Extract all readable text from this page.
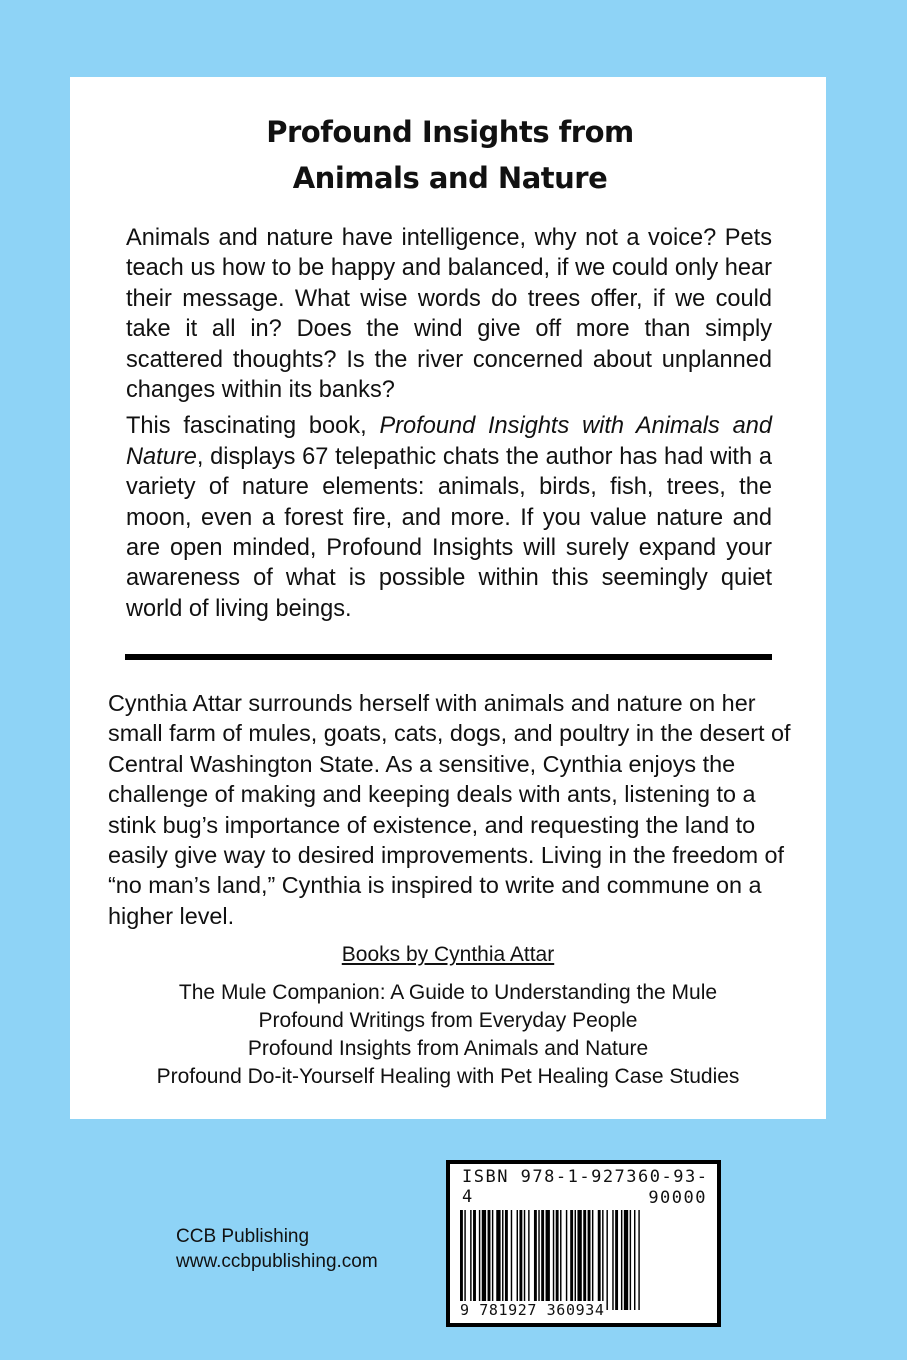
Profound Insights from
Animals and Nature

Animals and nature have intelligence, why not a voice? Pets teach us how to be happy and balanced, if we could only hear their message. What wise words do trees offer, if we could take it all in? Does the wind give off more than simply scattered thoughts? Is the river concerned about unplanned changes within its banks?

This fascinating book, Profound Insights with Animals and Nature, displays 67 telepathic chats the author has had with a variety of nature elements: animals, birds, fish, trees, the moon, even a forest fire, and more. If you value nature and are open minded, Profound Insights will surely expand your awareness of what is possible within this seemingly quiet world of living beings.

Cynthia Attar surrounds herself with animals and nature on her small farm of mules, goats, cats, dogs, and poultry in the desert of Central Washington State. As a sensitive, Cynthia enjoys the challenge of making and keeping deals with ants, listening to a stink bug’s importance of existence, and requesting the land to easily give way to desired improvements. Living in the freedom of “no man’s land,” Cynthia is inspired to write and commune on a higher level.
Books by Cynthia Attar
The Mule Companion: A Guide to Understanding the Mule
Profound Writings from Everyday People
Profound Insights from Animals and Nature
Profound Do-it-Yourself Healing with Pet Healing Case Studies
CCB Publishing
www.ccbpublishing.com
ISBN 978-1-927360-93-4	90000
9 781927 360934
